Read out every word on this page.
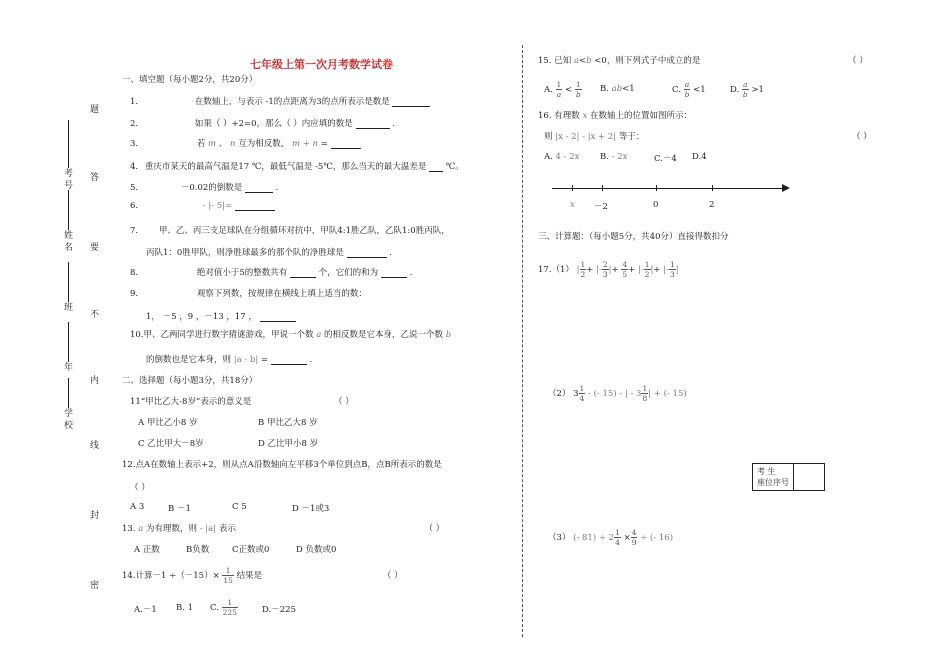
七年级上第一次月考数学试卷
题
答
要
不
内
线
封
密
考号
姓名
班
年
学校
一、填空题（每小题2分，共20分）
1.	在数轴上，与表示 -1的点距离为3的点所表示是数是
2.	如果（ ）+2=0，那么（ ）内应填的数是	.
3.	若 m 、 n 互为相反数， m + n =
4. 重庆市某天的最高气温是17 ℃，最低气温是 -5℃，那么当天的最大温差是 ℃。
5.	－0.02的倒数是	.
6.	- |- 5|=
7. 甲、乙、丙三支足球队在分组循环对抗中，甲队4:1胜乙队，乙队1:0胜丙队，
丙队1：0胜甲队，则净胜球最多的那个队的净胜球是	.
8.	绝对值小于5的整数共有	个，它们的和为	.
9.	观察下列数，按规律在横线上填上适当的数：
1， －5 ，9 ，－13 ，17 ，
10.甲、乙两同学进行数字猜谜游戏，甲说一个数 a 的相反数是它本身，乙说一个数 b
的倒数也是它本身，则 |a - b| =	.
二、选择题（每小题3分，共18分）
11“甲比乙大-8岁”表示的意义是	（ ）
A 甲比乙小8 岁	B 甲比乙大8 岁
C 乙比甲大－8岁	D 乙比甲小8 岁
12.点A在数轴上表示+2，则从点A沿数轴向左平移3个单位到点B，点B所表示的数是
（ ）
A 3	B －1	C 5	D －1或3
13. a 为有理数，则 - |a| 表示	（ ）
A 正数	B负数	C正数或0	D 负数或0
14.计算$-1 \div(-15)\times \frac{1}{15}$ 结果是	（ ）
A.－1 B. 1 C. $\frac{1}{225}$	D.－225
15. 已知 a<b <0，则下列式子中成立的是	（ ）
A. $\frac{1}{a} < \frac{1}{b} B$. ab<1	C. $\frac{a}{b} <1$	D. $\frac{a}{b} >1$
16. 有理数 x 在数轴上的位置如图所示：
则 |x - 2| - |x + 2| 等于：	（ ）
A. 4 - 2x B. - 2x	C.－4 D.4
x －2	0	2
三、计算题：（每小题5分，共40分）直接得数扣分
17.（1） | $\frac{1}{2}$ + |- $\frac{2}{3}$ |+ $\frac{4}{5}$ + |- $\frac{1}{2}$ |+ |- $\frac{1}{3}$ |
（2） $3 \frac{1}{4}$ - (- 15) - | - $3 \frac{1}{8}$ | + (- 15)
考 生
座位序号

（3） (- $81) \div 2 \frac{1}{4} \times \frac{4}{9}$ ÷ (- 16)
